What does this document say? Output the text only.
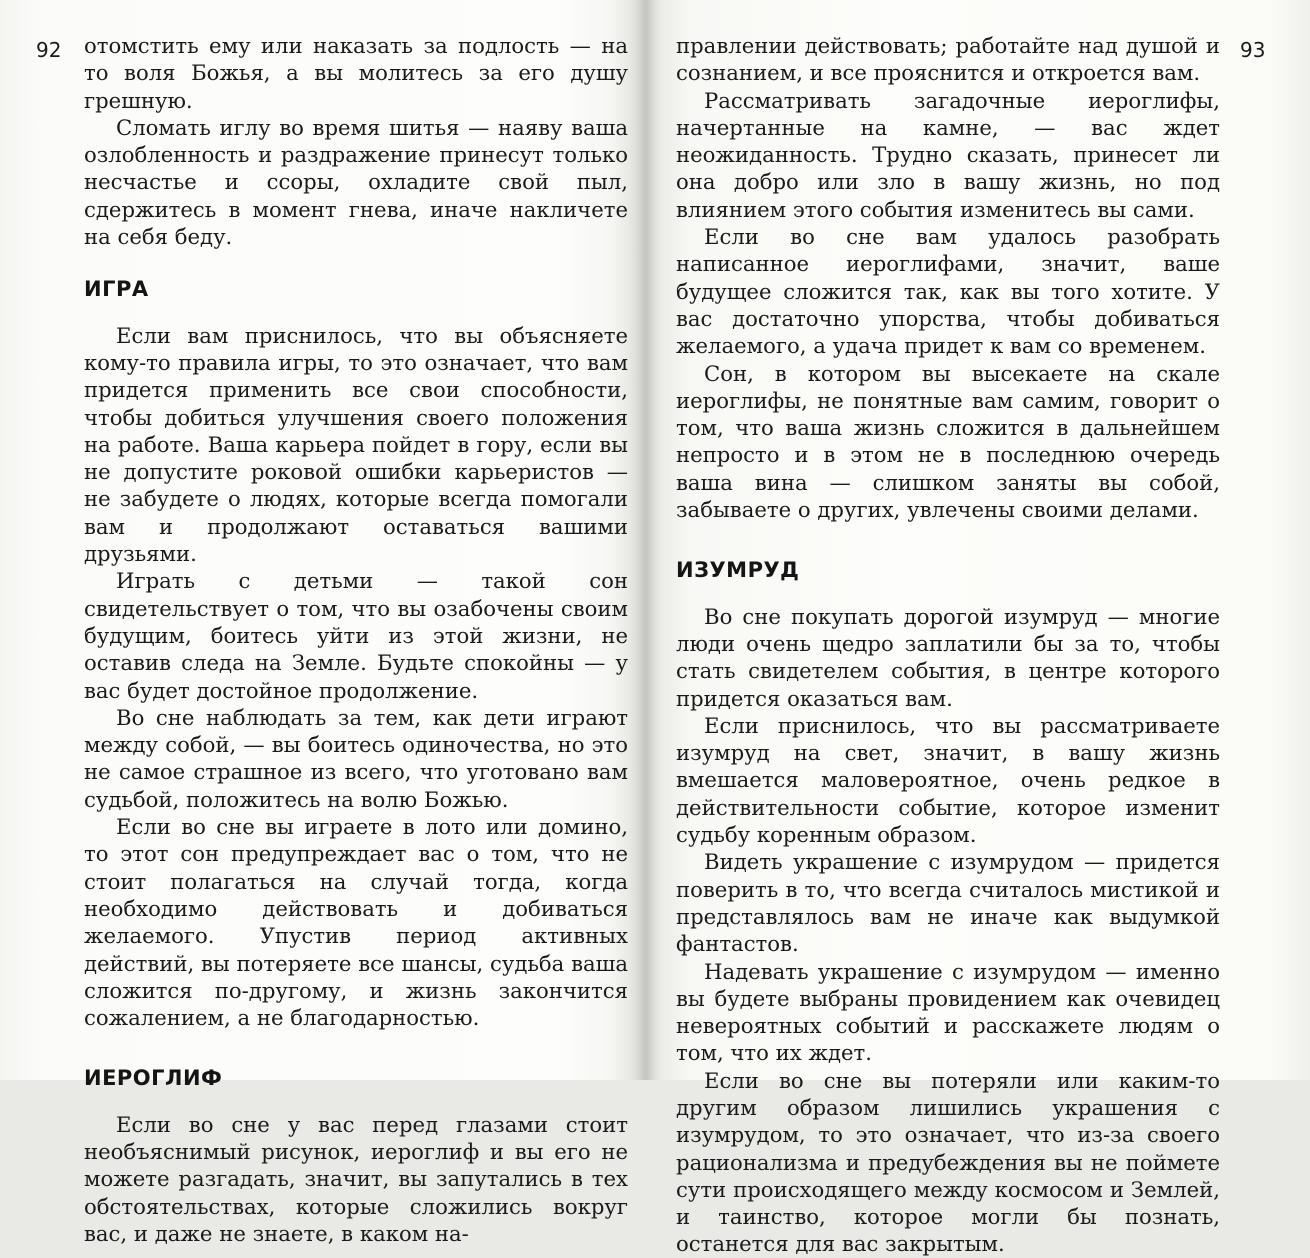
92	93

отомстить ему или наказать за подлость — на то воля Божья, а вы молитесь за его душу грешную.

Сломать иглу во время шитья — наяву ваша озлобленность и раздражение принесут только несчастье и ссоры, охладите свой пыл, сдержитесь в момент гнева, иначе накличете на себя беду.

ИГРА

Если вам приснилось, что вы объясняете кому-то правила игры, то это означает, что вам придется применить все свои способности, чтобы добиться улучшения своего положения на работе. Ваша карьера пойдет в гору, если вы не допустите роковой ошибки карьеристов — не забудете о людях, которые всегда помогали вам и продолжают оставаться вашими друзьями.

Играть с детьми — такой сон свидетельствует о том, что вы озабочены своим будущим, боитесь уйти из этой жизни, не оставив следа на Земле. Будьте спокойны — у вас будет достойное продолжение.

Во сне наблюдать за тем, как дети играют между собой, — вы боитесь одиночества, но это не самое страшное из всего, что уготовано вам судьбой, положитесь на волю Божью.

Если во сне вы играете в лото или домино, то этот сон предупреждает вас о том, что не стоит полагаться на случай тогда, когда необходимо действовать и добиваться желаемого. Упустив период активных действий, вы потеряете все шансы, судьба ваша сложится по-другому, и жизнь закончится сожалением, а не благодарностью.

ИЕРОГЛИФ

Если во сне у вас перед глазами стоит необъяснимый рисунок, иероглиф и вы его не можете разгадать, значит, вы запутались в тех обстоятельствах, которые сложились вокруг вас, и даже не знаете, в каком на-

правлении действовать; работайте над душой и сознанием, и все прояснится и откроется вам.

Рассматривать загадочные иероглифы, начертанные на камне, — вас ждет неожиданность. Трудно сказать, принесет ли она добро или зло в вашу жизнь, но под влиянием этого события изменитесь вы сами.

Если во сне вам удалось разобрать написанное иероглифами, значит, ваше будущее сложится так, как вы того хотите. У вас достаточно упорства, чтобы добиваться желаемого, а удача придет к вам со временем.

Сон, в котором вы высекаете на скале иероглифы, не понятные вам самим, говорит о том, что ваша жизнь сложится в дальнейшем непросто и в этом не в последнюю очередь ваша вина — слишком заняты вы собой, забываете о других, увлечены своими делами.

ИЗУМРУД

Во сне покупать дорогой изумруд — многие люди очень щедро заплатили бы за то, чтобы стать свидетелем события, в центре которого придется оказаться вам.

Если приснилось, что вы рассматриваете изумруд на свет, значит, в вашу жизнь вмешается маловероятное, очень редкое в действительности событие, которое изменит судьбу коренным образом.

Видеть украшение с изумрудом — придется поверить в то, что всегда считалось мистикой и представлялось вам не иначе как выдумкой фантастов.

Надевать украшение с изумрудом — именно вы будете выбраны провидением как очевидец невероятных событий и расскажете людям о том, что их ждет.

Если во сне вы потеряли или каким-то другим образом лишились украшения с изумрудом, то это означает, что из-за своего рационализма и предубеждения вы не поймете сути происходящего между космосом и Землей, и таинство, которое могли бы познать, останется для вас закрытым.
